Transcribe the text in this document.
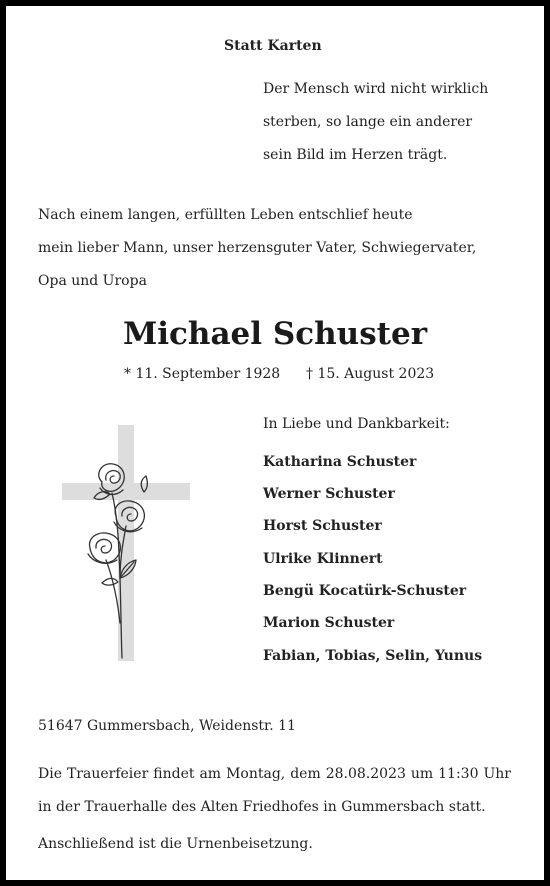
Statt Karten

Der Mensch wird nicht wirklich

sterben, so lange ein anderer

sein Bild im Herzen trägt.

Nach einem langen, erfüllten Leben entschlief heute

mein lieber Mann, unser herzensguter Vater, Schwiegervater,

Opa und Uropa

Michael Schuster

* 11. September 1928 † 15. August 2023

In Liebe und Dankbarkeit:

Katharina Schuster

Werner Schuster

Horst Schuster

Ulrike Klinnert

Bengü Kocatürk-Schuster

Marion Schuster

Fabian, Tobias, Selin, Yunus

51647 Gummersbach, Weidenstr. 11

Die Trauerfeier findet am Montag, dem 28.08.2023 um 11:30 Uhr in der Trauerhalle des Alten Friedhofes in Gummersbach statt.

Anschließend ist die Urnenbeisetzung.
